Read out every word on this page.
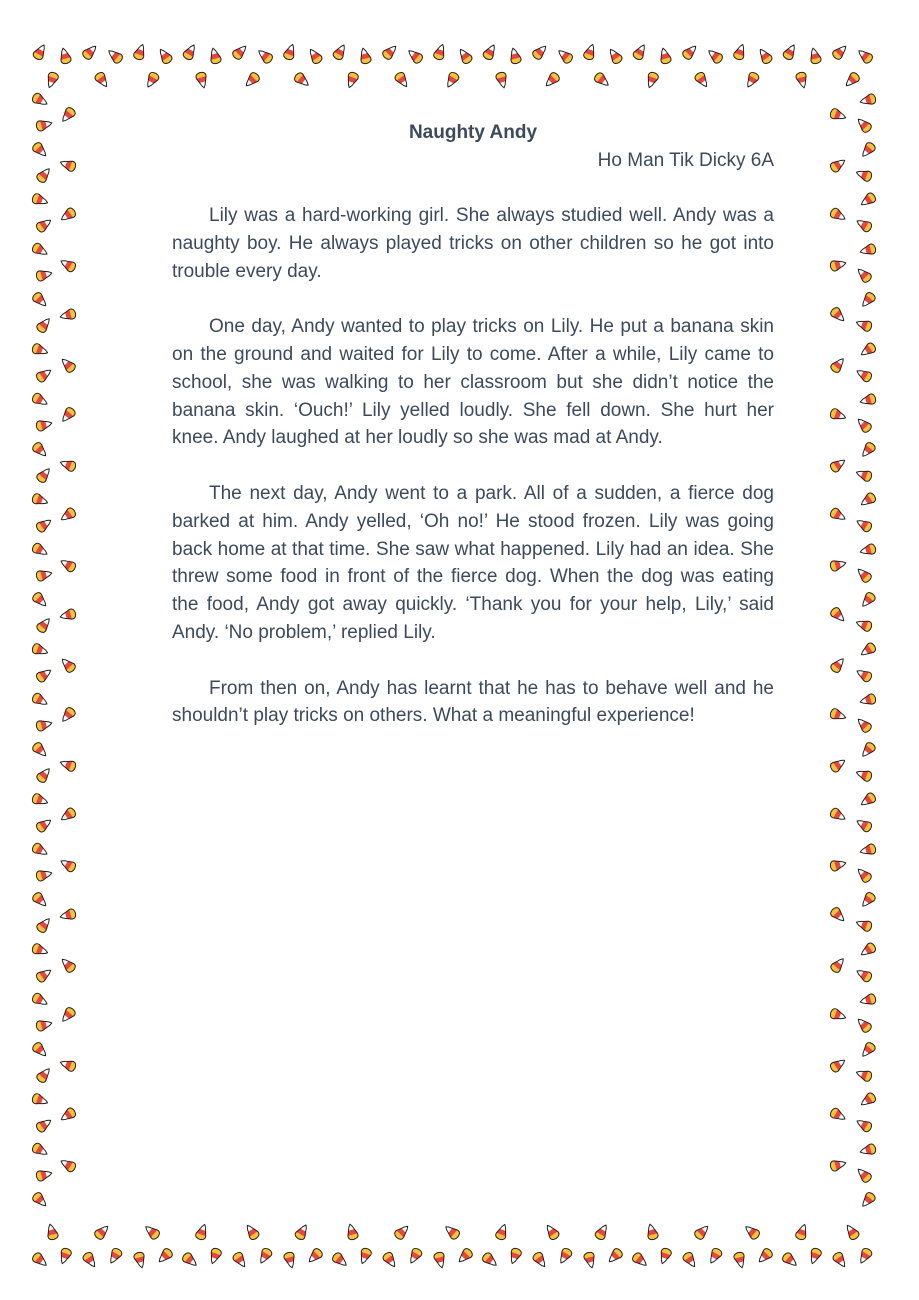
Naughty Andy
Ho Man Tik Dicky 6A

Lily was a hard-working girl. She always studied well. Andy was a naughty boy. He always played tricks on other children so he got into trouble every day.

One day, Andy wanted to play tricks on Lily. He put a banana skin on the ground and waited for Lily to come. After a while, Lily came to school, she was walking to her classroom but she didn’t notice the banana skin. ‘Ouch!’ Lily yelled loudly. She fell down. She hurt her knee. Andy laughed at her loudly so she was mad at Andy.

The next day, Andy went to a park. All of a sudden, a fierce dog barked at him. Andy yelled, ‘Oh no!’ He stood frozen. Lily was going back home at that time. She saw what happened. Lily had an idea. She threw some food in front of the fierce dog. When the dog was eating the food, Andy got away quickly. ‘Thank you for your help, Lily,’ said Andy. ‘No problem,’ replied Lily.

From then on, Andy has learnt that he has to behave well and he shouldn’t play tricks on others. What a meaningful experience!
